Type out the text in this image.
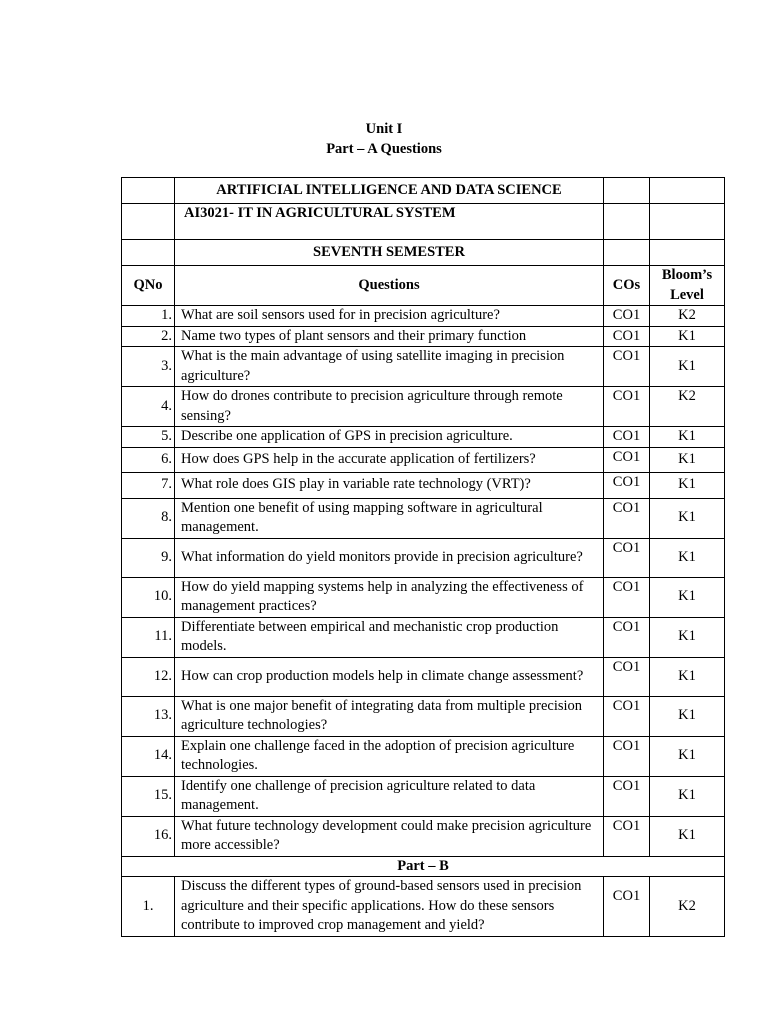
Unit I
Part – A Questions
	ARTIFICIAL INTELLIGENCE AND DATA SCIENCE		
	AI3021- IT IN AGRICULTURAL SYSTEM		
	SEVENTH SEMESTER		
QNo	Questions	COs	Bloom’s Level
1.	What are soil sensors used for in precision agriculture?	CO1	K2
2.	Name two types of plant sensors and their primary function	CO1	K1
3.	What is the main advantage of using satellite imaging in precision agriculture?	CO1	K1
4.	How do drones contribute to precision agriculture through remote sensing?	CO1	K2
5.	Describe one application of GPS in precision agriculture.	CO1	K1
6.	How does GPS help in the accurate application of fertilizers?	CO1	K1
7.	What role does GIS play in variable rate technology (VRT)?	CO1	K1
8.	Mention one benefit of using mapping software in agricultural management.	CO1	K1
9.	What information do yield monitors provide in precision agriculture?	CO1	K1
10.	How do yield mapping systems help in analyzing the effectiveness of management practices?	CO1	K1
11.	Differentiate between empirical and mechanistic crop production models.	CO1	K1
12.	How can crop production models help in climate change assessment?	CO1	K1
13.	What is one major benefit of integrating data from multiple precision agriculture technologies?	CO1	K1
14.	Explain one challenge faced in the adoption of precision agriculture technologies.	CO1	K1
15.	Identify one challenge of precision agriculture related to data management.	CO1	K1
16.	What future technology development could make precision agriculture more accessible?	CO1	K1
Part – B			
1.	Discuss the different types of ground-based sensors used in precision agriculture and their specific applications. How do these sensors contribute to improved crop management and yield?	CO1	K2
